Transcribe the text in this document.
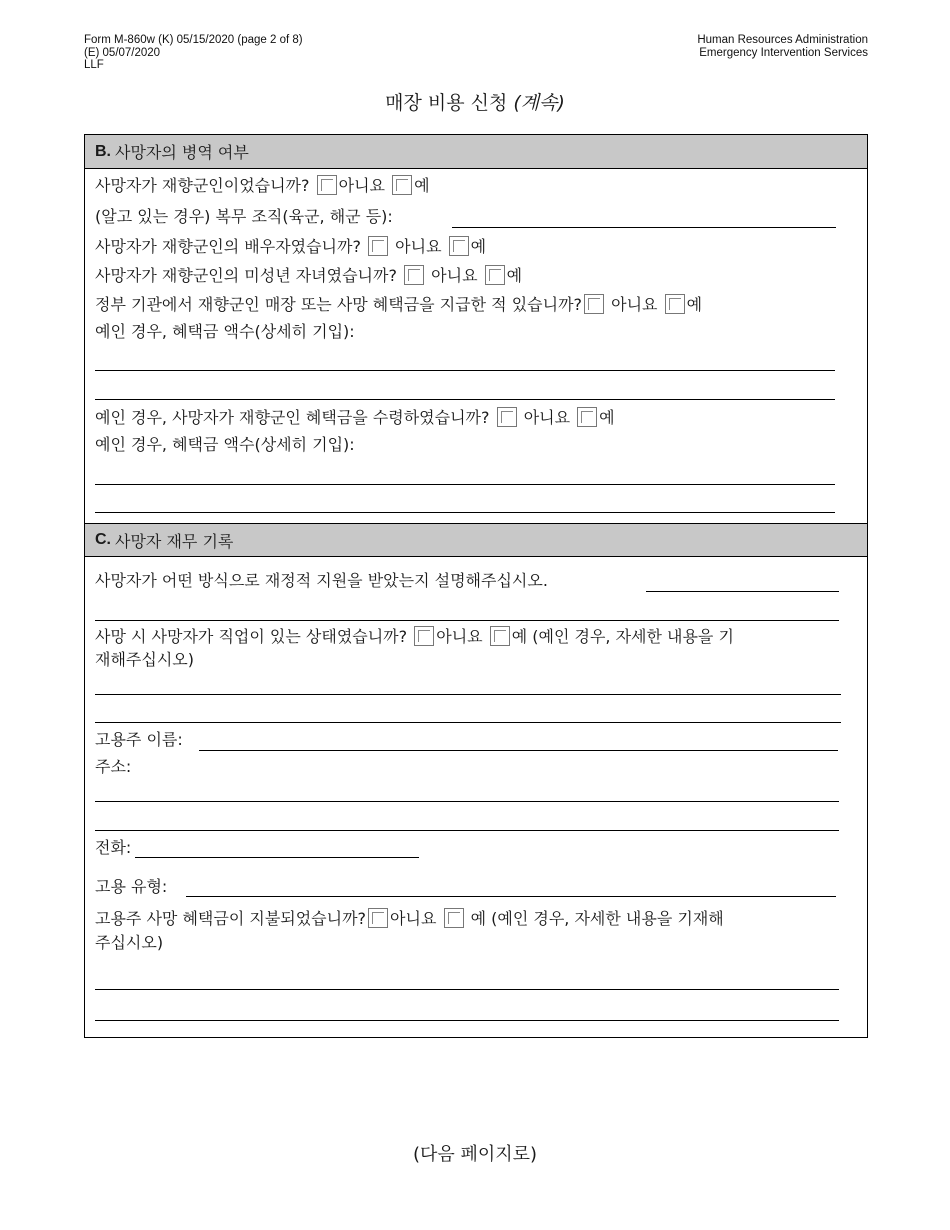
Form M-860w (K) 05/15/2020 (page 2 of 8)
(E) 05/07/2020
LLF
Human Resources Administration
Emergency Intervention Services
매장 비용 신청 (계속)
B. 사망자의 병역 여부
사망자가 재향군인이었습니까? 아니요 예
(알고 있는 경우) 복무 조직(육군, 해군 등):
사망자가 재향군인의 배우자였습니까? 아니요 예
사망자가 재향군인의 미성년 자녀였습니까? 아니요 예
정부 기관에서 재향군인 매장 또는 사망 혜택금을 지급한 적 있습니까? 아니요 예
예인 경우, 혜택금 액수(상세히 기입):
예인 경우, 사망자가 재향군인 혜택금을 수령하였습니까? 아니요 예
예인 경우, 혜택금 액수(상세히 기입):
C. 사망자 재무 기록
사망자가 어떤 방식으로 재정적 지원을 받았는지 설명해주십시오.
사망 시 사망자가 직업이 있는 상태였습니까? 아니요 예 (예인 경우, 자세한 내용을 기
재해주십시오)
고용주 이름:
주소:
전화:
고용 유형:
고용주 사망 혜택금이 지불되었습니까? 아니요 예 (예인 경우, 자세한 내용을 기재해
주십시오)
(다음 페이지로)
